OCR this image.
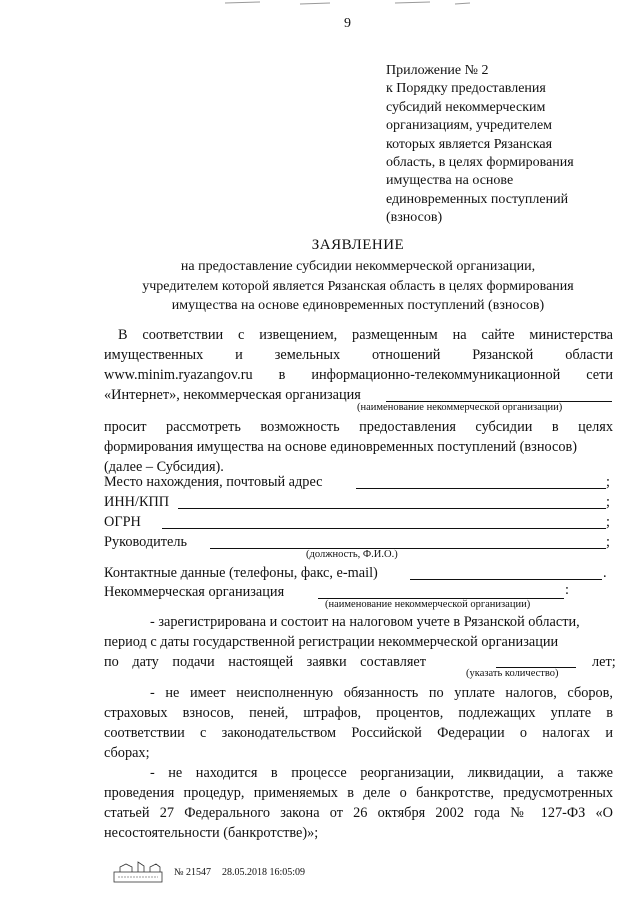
9
Приложение № 2
к Порядку предоставления
субсидий некоммерческим
организациям, учредителем
которых является Рязанская
область, в целях формирования
имущества на основе
единовременных поступлений
(взносов)
ЗАЯВЛЕНИЕ
на предоставление субсидии некоммерческой организации,
учредителем которой является Рязанская область в целях формирования
имущества на основе единовременных поступлений (взносов)
В соответствии с извещением, размещенным на сайте министерства
имущественных и земельных отношений Рязанской области
www.minim.ryazangov.ru в информационно-телекоммуникационной сети
«Интернет», некоммерческая организация
(наименование некоммерческой организации)
просит рассмотреть возможность предоставления субсидии в целях
формирования имущества на основе единовременных поступлений (взносов)
(далее – Субсидия).
Место нахождения, почтовый адрес	;
ИНН/КПП	;
ОГРН	;
Руководитель	;
(должность, Ф.И.О.)
Контактные данные (телефоны, факс, e-mail)	.
Некоммерческая организация	:
(наименование некоммерческой организации)
- зарегистрирована и состоит на налоговом учете в Рязанской области,
период с даты государственной регистрации некоммерческой организации
по дату подачи настоящей заявки составляет	лет;
(указать количество)
- не имеет неисполненную обязанность по уплате налогов, сборов,
страховых взносов, пеней, штрафов, процентов, подлежащих уплате в
соответствии с законодательством Российской Федерации о налогах и
сборах;
- не находится в процессе реорганизации, ликвидации, а также
проведения процедур, применяемых в деле о банкротстве, предусмотренных
статьей 27 Федерального закона от 26 октября 2002 года № 127-ФЗ «О
несостоятельности (банкротстве)»;
№ 21547 28.05.2018 16:05:09
